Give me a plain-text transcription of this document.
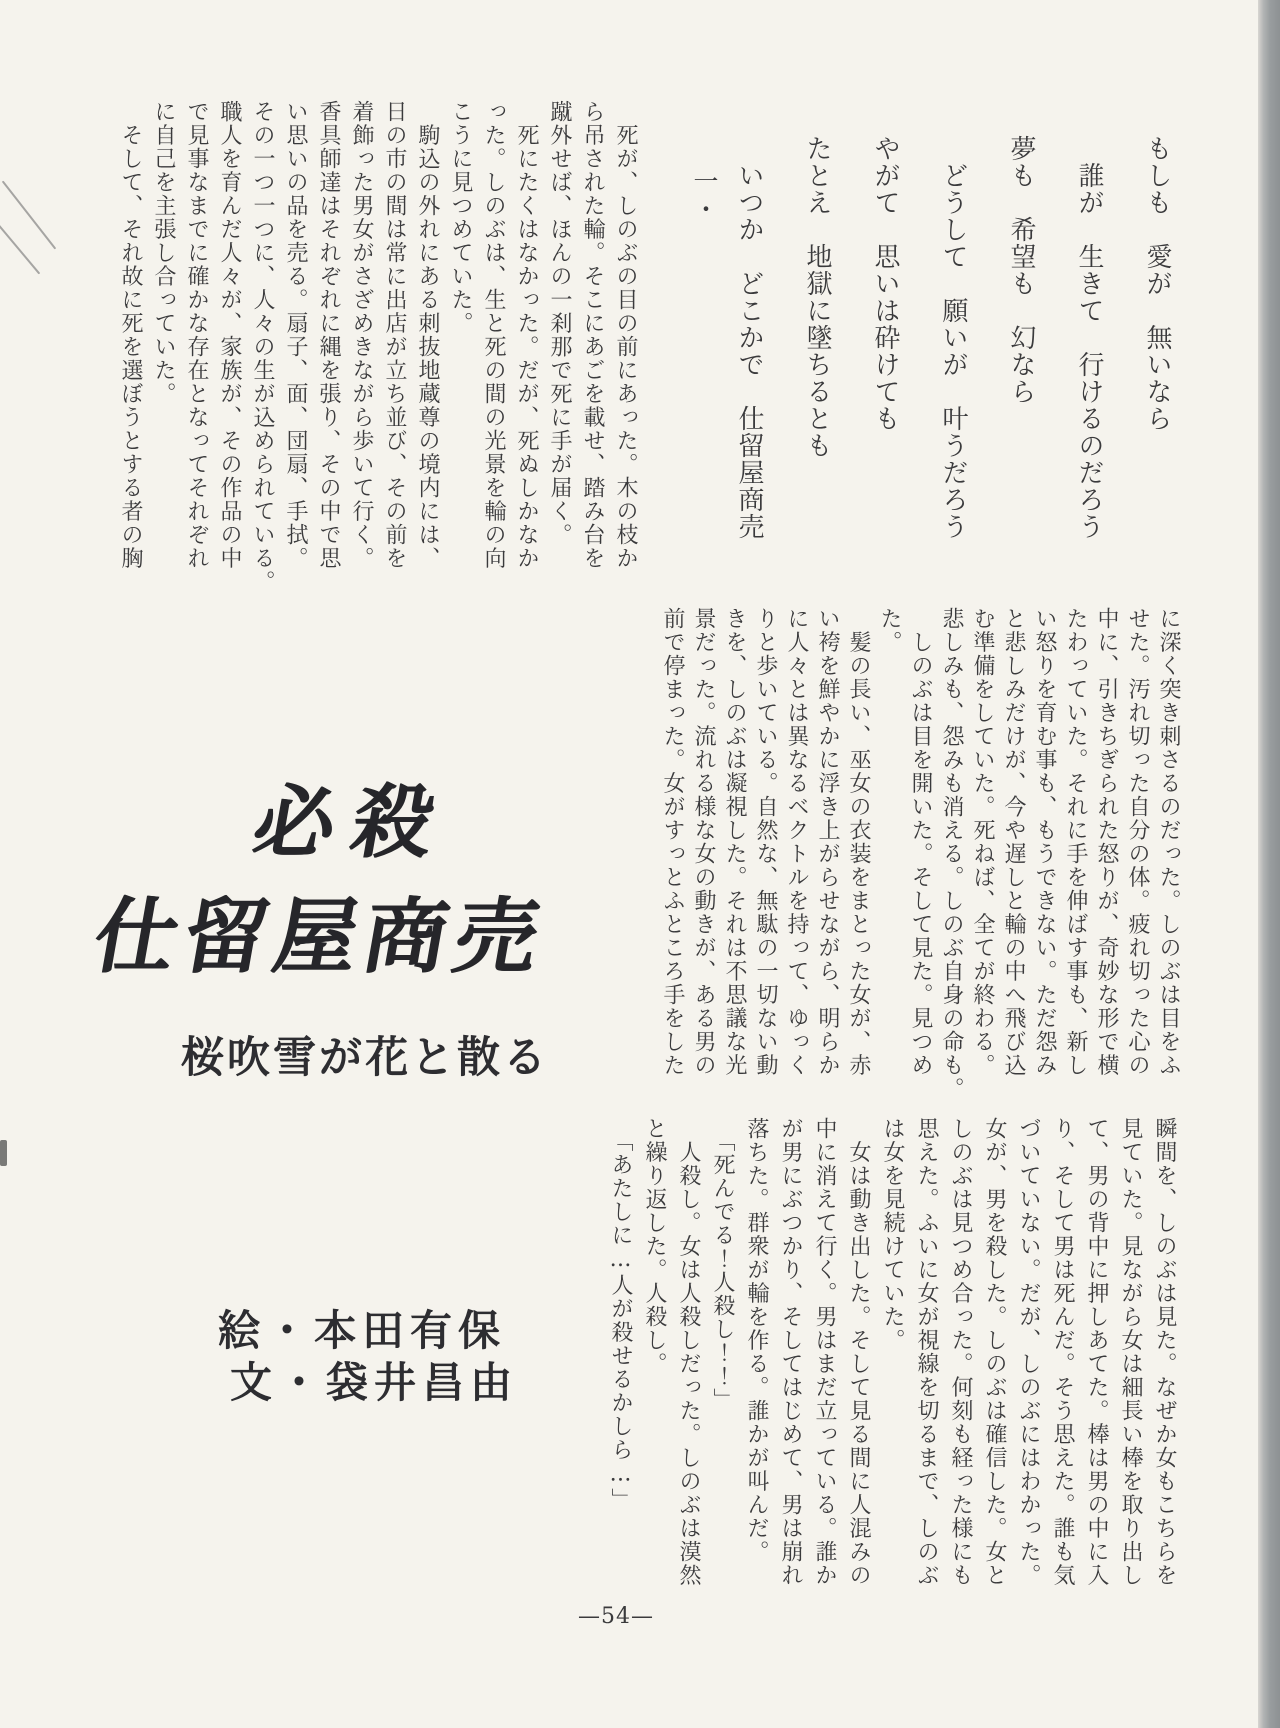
もしも　愛が　無いなら
　誰が　生きて　行けるのだろう
夢も　希望も　幻なら
　どうして　願いが　叶うだろう
やがて　思いは砕けても
たとえ　地獄に墜ちるとも
　いつか　どこかで　仕留屋商売
一・
　死が、しのぶの目の前にあった。木の枝か
ら吊された輪。そこにあごを載せ、踏み台を
蹴外せば、ほんの一刹那で死に手が届く。
　死にたくはなかった。だが、死ぬしかなか
った。しのぶは、生と死の間の光景を輪の向
こうに見つめていた。
　駒込の外れにある刺抜地蔵尊の境内には、
日の市の間は常に出店が立ち並び、その前を
着飾った男女がさざめきながら歩いて行く。
香具師達はそれぞれに縄を張り、その中で思
い思いの品を売る。扇子、面、団扇、手拭。
その一つ一つに、人々の生が込められている。
職人を育んだ人々が、家族が、その作品の中
で見事なまでに確かな存在となってそれぞれ
に自己を主張し合っていた。
　そして、それ故に死を選ぼうとする者の胸
に深く突き刺さるのだった。しのぶは目をふ
せた。汚れ切った自分の体。疲れ切った心の
中に、引きちぎられた怒りが、奇妙な形で横
たわっていた。それに手を伸ばす事も、新し
い怒りを育む事も、もうできない。ただ怨み
と悲しみだけが、今や遅しと輪の中へ飛び込
む準備をしていた。死ねば、全てが終わる。
悲しみも、怨みも消える。しのぶ自身の命も。
　しのぶは目を開いた。そして見た。見つめ
た。
　髪の長い、巫女の衣装をまとった女が、赤
い袴を鮮やかに浮き上がらせながら、明らか
に人々とは異なるベクトルを持って、ゆっく
りと歩いている。自然な、無駄の一切ない動
きを、しのぶは凝視した。それは不思議な光
景だった。流れる様な女の動きが、ある男の
前で停まった。女がすっとふところ手をした
瞬間を、しのぶは見た。なぜか女もこちらを
見ていた。見ながら女は細長い棒を取り出し
て、男の背中に押しあてた。棒は男の中に入
り、そして男は死んだ。そう思えた。誰も気
づいていない。だが、しのぶにはわかった。
女が、男を殺した。しのぶは確信した。女と
しのぶは見つめ合った。何刻も経った様にも
思えた。ふいに女が視線を切るまで、しのぶ
は女を見続けていた。
　女は動き出した。そして見る間に人混みの
中に消えて行く。男はまだ立っている。誰か
が男にぶつかり、そしてはじめて、男は崩れ
落ちた。群衆が輪を作る。誰かが叫んだ。
　「死んでる！人殺し！！」
　人殺し。女は人殺しだった。しのぶは漠然
と繰り返した。人殺し。
　「あたしに…人が殺せるかしら…」
必殺
仕留屋商売
桜吹雪が花と散る
絵・本田有保
文・袋井昌由
—54—
